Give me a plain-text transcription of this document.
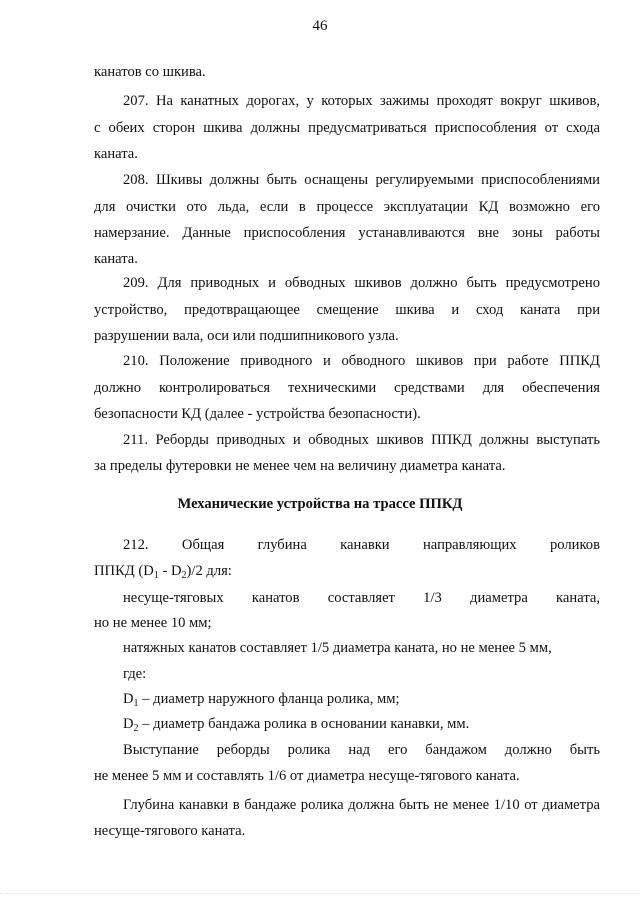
46
канатов со шкива.
207. На канатных дорогах, у которых зажимы проходят вокруг шкивов,
с обеих сторон шкива должны предусматриваться приспособления от схода
каната.
208. Шкивы должны быть оснащены регулируемыми приспособлениями
для очистки ото льда, если в процессе эксплуатации КД возможно его
намерзание. Данные приспособления устанавливаются вне зоны работы
каната.
209. Для приводных и обводных шкивов должно быть предусмотрено
устройство, предотвращающее смещение шкива и сход каната при
разрушении вала, оси или подшипникового узла.
210. Положение приводного и обводного шкивов при работе ППКД
должно контролироваться техническими средствами для обеспечения
безопасности КД (далее - устройства безопасности).
211. Реборды приводных и обводных шкивов ППКД должны выступать
за пределы футеровки не менее чем на величину диаметра каната.
Механические устройства на трассе ППКД
212. Общая глубина канавки направляющих роликов
ППКД $(D_1 - D_2)/2$ для:
несуще-тяговых канатов составляет 1/3 диаметра каната,
но не менее 10 мм;
натяжных канатов составляет 1/5 диаметра каната, но не менее 5 мм,
где:
$D_1$ – диаметр наружного фланца ролика, мм;
$D_2$ – диаметр бандажа ролика в основании канавки, мм.
Выступание реборды ролика над его бандажом должно быть
не менее 5 мм и составлять 1/6 от диаметра несуще-тягового каната.
Глубина канавки в бандаже ролика должна быть не менее 1/10 от диаметра
несуще-тягового каната.
